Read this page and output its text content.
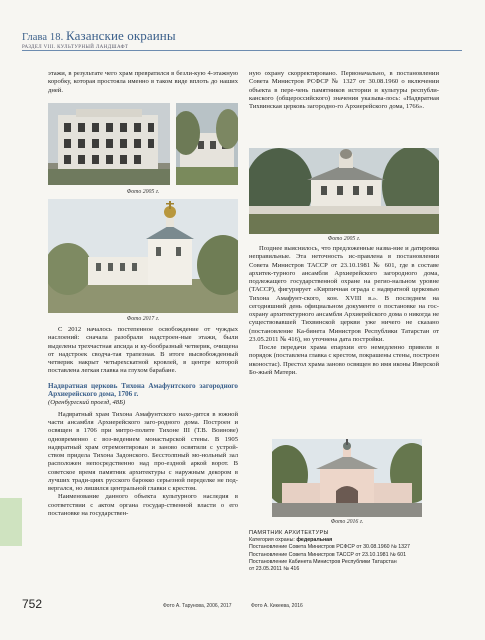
Глава 18. Казанские окраины
РАЗДЕЛ VIII. КУЛЬТУРНЫЙ ЛАНДШАФТ

этажи, в результате чего храм превратился в безли-кую 4-этажную коробку, которая простояла именно в таком виде вплоть до наших дней.

Фото 2005 г.
Фото 2017 г.

С 2012 началось постепенное освобождение от чуждых наслоений: сначала разобрали надстроен-ные этажи, были выделены трехчастная апсида и ку-бообразный четверик, очищена от надстроек сводча-тая трапезная. В итоге высвобожденный четверик накрыт четырехскатной кровлей, в центре которой поставлена легкая главка на глухом барабане.

Надвратная церковь Тихона Амафунтского загородного Архиерейского дома, 1706 г.

(Оренбургский проезд, 48Б)

Надвратный храм Тихона Амафунтского нахо-дится в южной части ансамбля Архиерейского заго-родного дома. Построен и освящен в 1706 при митро-полите Тихоне III (Т.В. Воинове) одновременно с воз-ведением монастырской стены. В 1905 надвратный храм отремонтирован и заново освятили с устрой-ством придела Тихона Задонского. Бесстолпный мо-нольный зал расположен непосредственно над про-ездной аркой ворот. В советское время памятник архитектуры с наружным декором в лучших тради-циях русского барокко серьезной переделке не под-вергался, но лишился центральной главки с крестом.

Наименование данного объекта культурного наследия в соответствии с актом органа государ-ственной власти о его постановке на государствен-

ную охрану скорректировано. Первоначально, в постановлении Совета Министров РСФСР № 1327 от 30.08.1960 о включении объекта в пере-чень памятников истории и культуры республи-канского (общероссийского) значения указыва-лось: «Надвратная Тихвинская церковь загородно-го Архиерейского дома, 1766».

Фото 2005 г.

Позднее выяснилось, что предложенные назва-ние и датировка неправильные. Эта неточность ис-правлена в постановлении Совета Министров ТАССР от 23.10.1981 № 601, где в составе архитек-турного ансамбля Архиерейского загородного дома, подлежащего государственной охране на регио-нальном уровне (ТАССР), фигурирует «Кирпичная ограда с надвратной церковью Тихона Амафунт-ского, кон. XVIII в.». В последнем на сегодняшний день официальном документе о постановке на гос-охрану архитектурного ансамбля Архиерейского дома о никогда не существовавшей Тихвинской церкви уже ничего не сказано (постановление Ка-бинета Министров Республики Татарстан от 23.05.2011 № 416), но уточнена дата постройки.

После передачи храма епархии его немедленно привели в порядок (поставлена главка с крестом, покрашены стены, построен иконостас). Престол храма заново освящен во имя иконы Иверской Бо-жьей Матери.

Фото 2016 г.
ПАМЯТНИК АРХИТЕКТУРЫ
Категория охраны: федеральная
Постановление Совета Министров РСФСР от 30.08.1960 № 1327
Постановление Совета Министров ТАССР от 23.10.1981 № 601
Постановление Кабинета Министров Республики Татарстан
от 23.05.2011 № 416
752	Фото А. Тарунова, 2006, 2017	Фото А. Кикеева, 2016
